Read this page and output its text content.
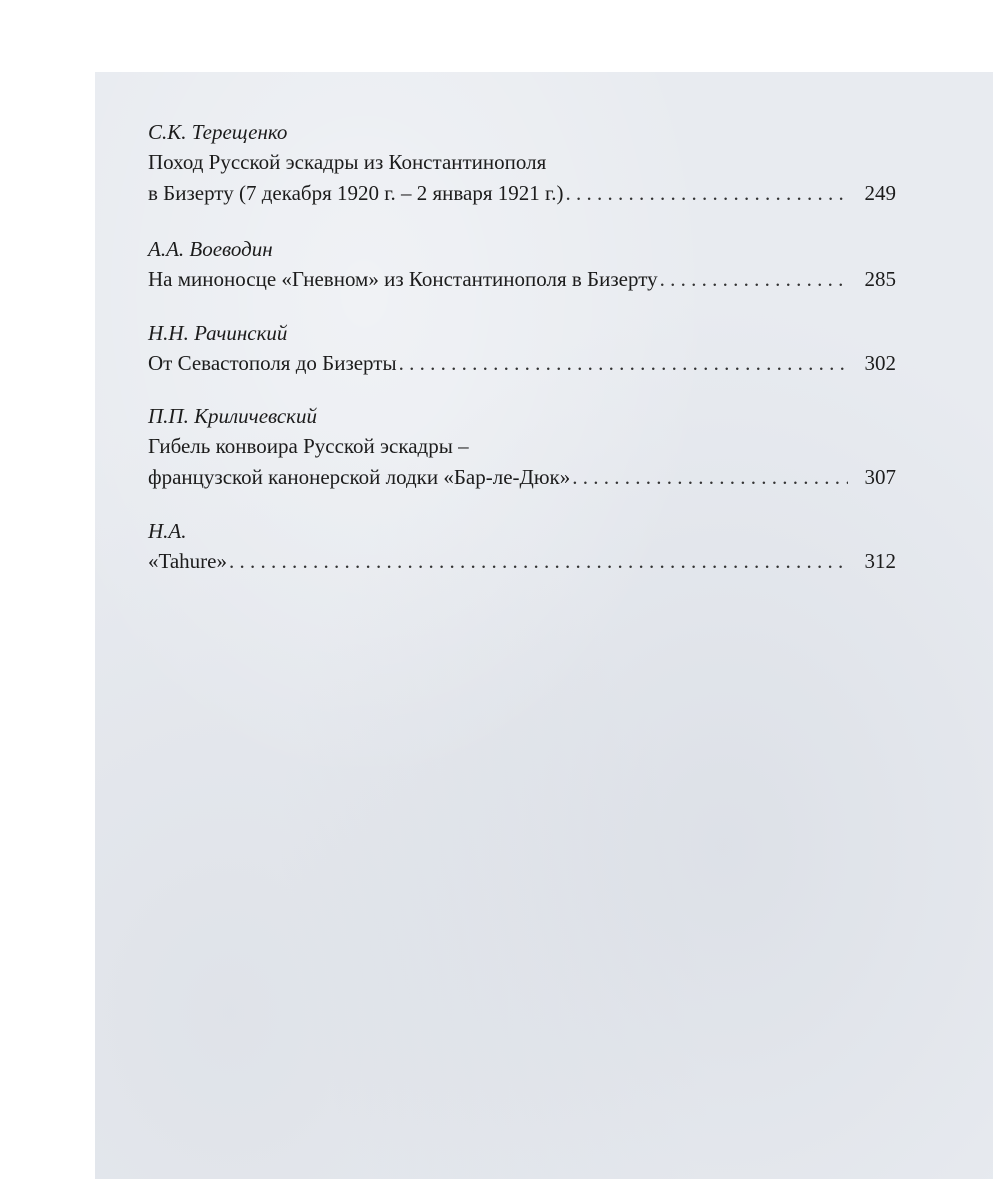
С.К. Терещенко
Поход Русской эскадры из Константинополя
в Бизерту (7 декабря 1920 г. – 2 января 1921 г.) . . .	249
А.А. Воеводин
На миноносце «Гневном» из Константинополя в Бизерту . . .	285
Н.Н. Рачинский
От Севастополя до Бизерты . . .	302
П.П. Криличевский
Гибель конвоира Русской эскадры –
французской канонерской лодки «Бар-ле-Дюк» . . .	307
Н.А.
«Tahure» . . .	312
